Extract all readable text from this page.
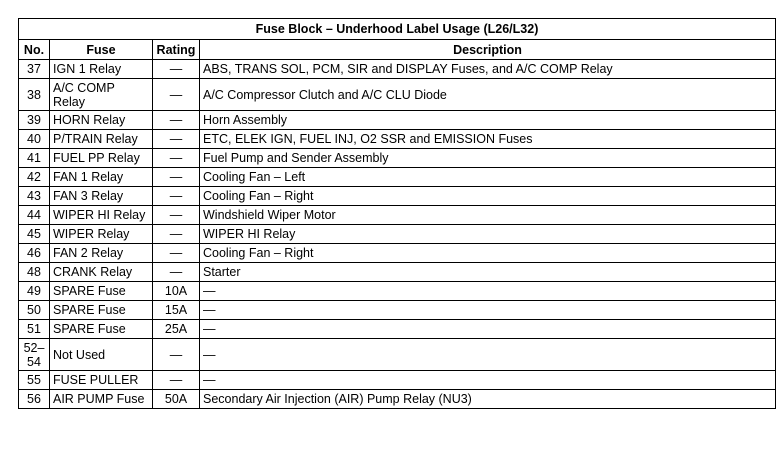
Fuse Block – Underhood Label Usage (L26/L32)			
No.	Fuse	Rating	Description
37	IGN 1 Relay	—	ABS, TRANS SOL, PCM, SIR and DISPLAY Fuses, and A/C COMP Relay
38	A/C COMP Relay	—	A/C Compressor Clutch and A/C CLU Diode
39	HORN Relay	—	Horn Assembly
40	P/TRAIN Relay	—	ETC, ELEK IGN, FUEL INJ, O2 SSR and EMISSION Fuses
41	FUEL PP Relay	—	Fuel Pump and Sender Assembly
42	FAN 1 Relay	—	Cooling Fan – Left
43	FAN 3 Relay	—	Cooling Fan – Right
44	WIPER HI Relay	—	Windshield Wiper Motor
45	WIPER Relay	—	WIPER HI Relay
46	FAN 2 Relay	—	Cooling Fan – Right
48	CRANK Relay	—	Starter
49	SPARE Fuse	10A	—
50	SPARE Fuse	15A	—
51	SPARE Fuse	25A	—
52– 54	Not Used	—	—
55	FUSE PULLER	—	—
56	AIR PUMP Fuse	50A	Secondary Air Injection (AIR) Pump Relay (NU3)
